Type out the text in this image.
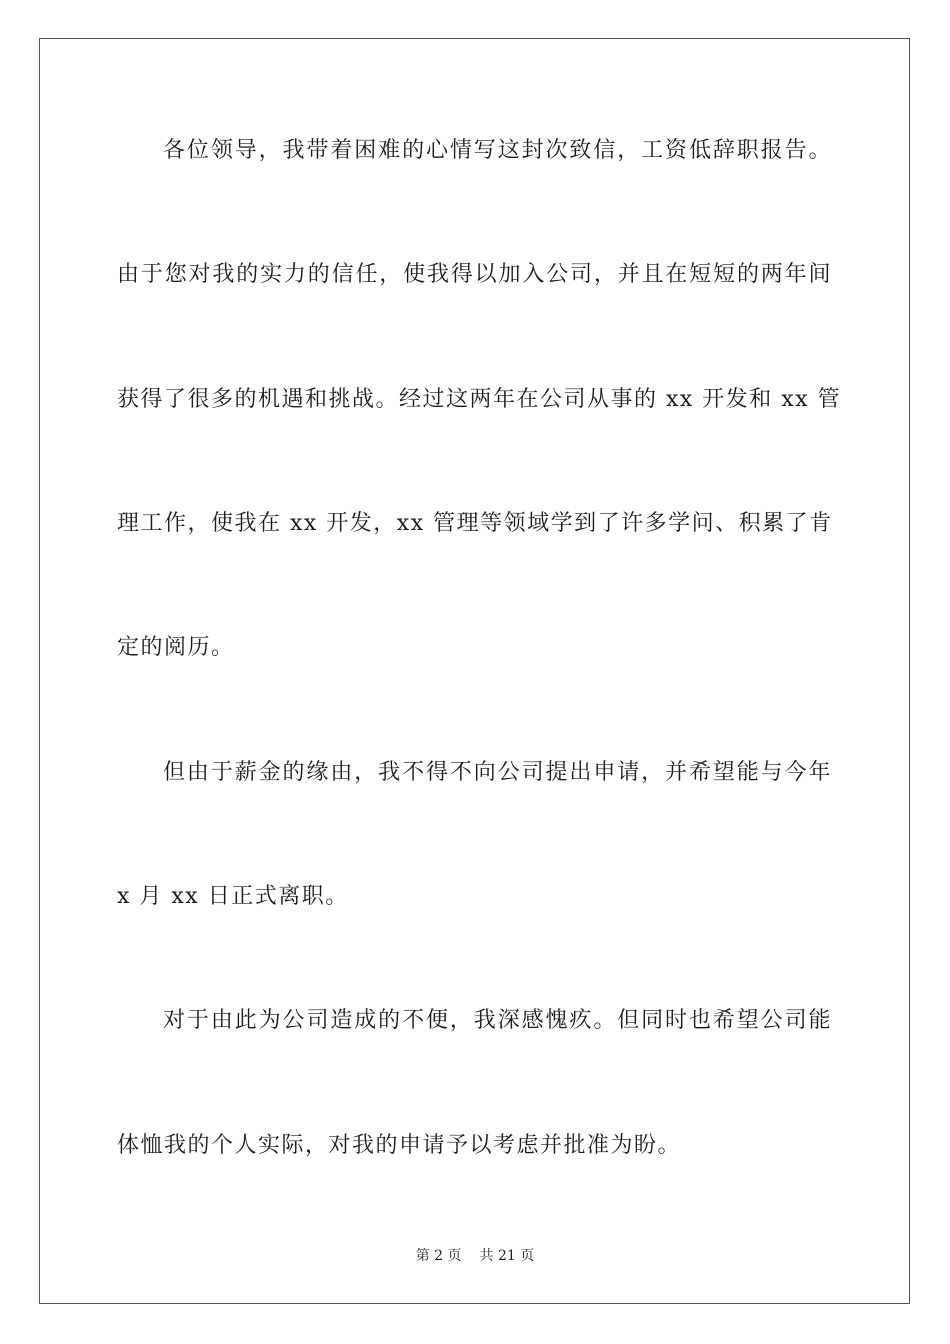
各位领导，我带着困难的心情写这封次致信，工资低辞职报告。
由于您对我的实力的信任，使我得以加入公司，并且在短短的两年间
获得了很多的机遇和挑战。经过这两年在公司从事的 xx 开发和 xx 管
理工作，使我在 xx 开发，xx 管理等领域学到了许多学问、积累了肯
定的阅历。
但由于薪金的缘由，我不得不向公司提出申请，并希望能与今年
x 月 xx 日正式离职。
对于由此为公司造成的不便，我深感愧疚。但同时也希望公司能
体恤我的个人实际，对我的申请予以考虑并批准为盼。
第 2 页 共 21 页
